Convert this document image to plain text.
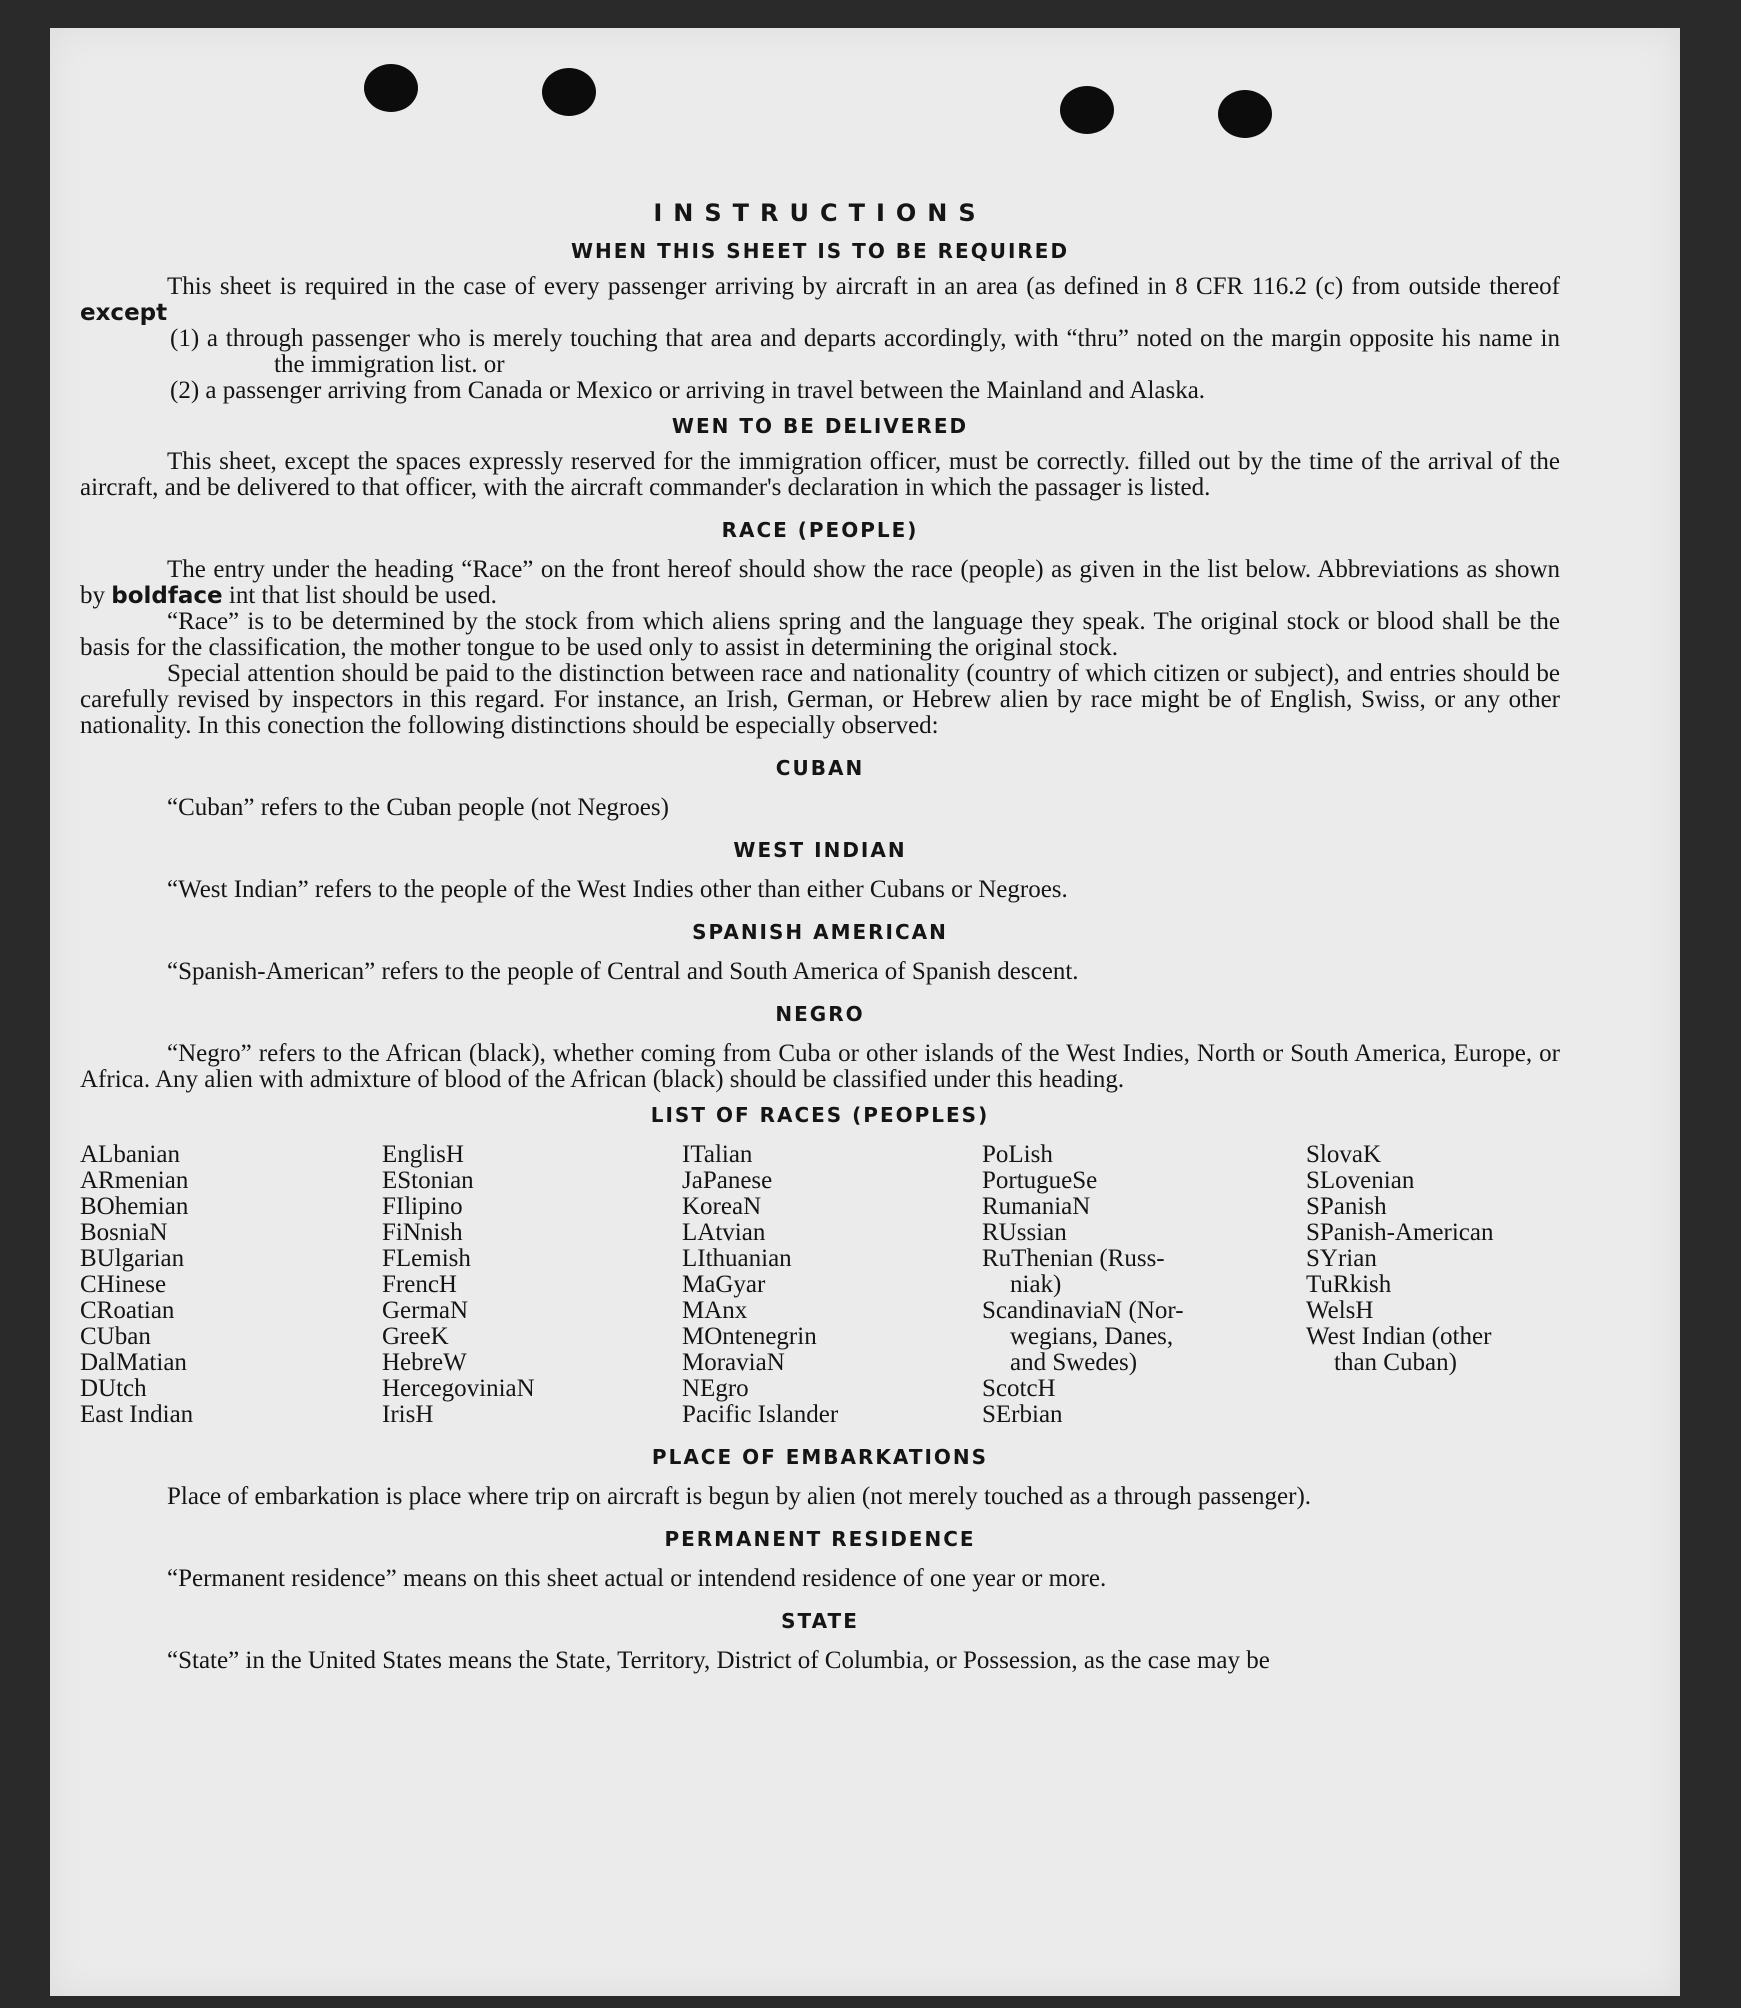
INSTRUCTIONS
WHEN THIS SHEET IS TO BE REQUIRED

This sheet is required in the case of every passenger arriving by aircraft in an area (as defined in 8 CFR 116.2 (c) from outside thereof except

(1) a through passenger who is merely touching that area and departs accordingly, with “thru” noted on the margin opposite his name in the immigration list. or

(2) a passenger arriving from Canada or Mexico or arriving in travel between the Mainland and Alaska.

WEN TO BE DELIVERED

This sheet, except the spaces expressly reserved for the immigration officer, must be correctly. filled out by the time of the arrival of the aircraft, and be delivered to that officer, with the aircraft commander's declaration in which the passager is listed.

RACE (PEOPLE)

The entry under the heading “Race” on the front hereof should show the race (people) as given in the list below. Abbreviations as shown by boldface int that list should be used.

“Race” is to be determined by the stock from which aliens spring and the language they speak. The original stock or blood shall be the basis for the classification, the mother tongue to be used only to assist in determining the original stock.

Special attention should be paid to the distinction between race and nationality (country of which citizen or subject), and entries should be carefully revised by inspectors in this regard. For instance, an Irish, German, or Hebrew alien by race might be of English, Swiss, or any other nationality. In this conection the following distinctions should be especially observed:

CUBAN

“Cuban” refers to the Cuban people (not Negroes)

WEST INDIAN

“West Indian” refers to the people of the West Indies other than either Cubans or Negroes.

SPANISH AMERICAN

“Spanish-American” refers to the people of Central and South America of Spanish descent.

NEGRO

“Negro” refers to the African (black), whether coming from Cuba or other islands of the West Indies, North or South America, Europe, or Africa. Any alien with admixture of blood of the African (black) should be classified under this heading.

LIST OF RACES (PEOPLES)
ALbanian
ARmenian
BOhemian
BosniaN
BUlgarian
CHinese
CRoatian
CUban
DalMatian
DUtch
East Indian
EnglisH
EStonian
FIlipino
FiNnish
FLemish
FrencH
GermaN
GreeK
HebreW
HercegoviniaN
IrisH
ITalian
JaPanese
KoreaN
LAtvian
LIthuanian
MaGyar
MAnx
MOntenegrin
MoraviaN
NEgro
Pacific Islander
PoLish
PortugueSe
RumaniaN
RUssian
RuThenian (Russ-
niak)
ScandinaviaN (Nor-
wegians, Danes,
and Swedes)
ScotcH
SErbian
SlovaK
SLovenian
SPanish
SPanish-American
SYrian
TuRkish
WelsH
West Indian (other
than Cuban)
PLACE OF EMBARKATIONS

Place of embarkation is place where trip on aircraft is begun by alien (not merely touched as a through passenger).

PERMANENT RESIDENCE

“Permanent residence” means on this sheet actual or intendend residence of one year or more.

STATE

“State” in the United States means the State, Territory, District of Columbia, or Possession, as the case may be
